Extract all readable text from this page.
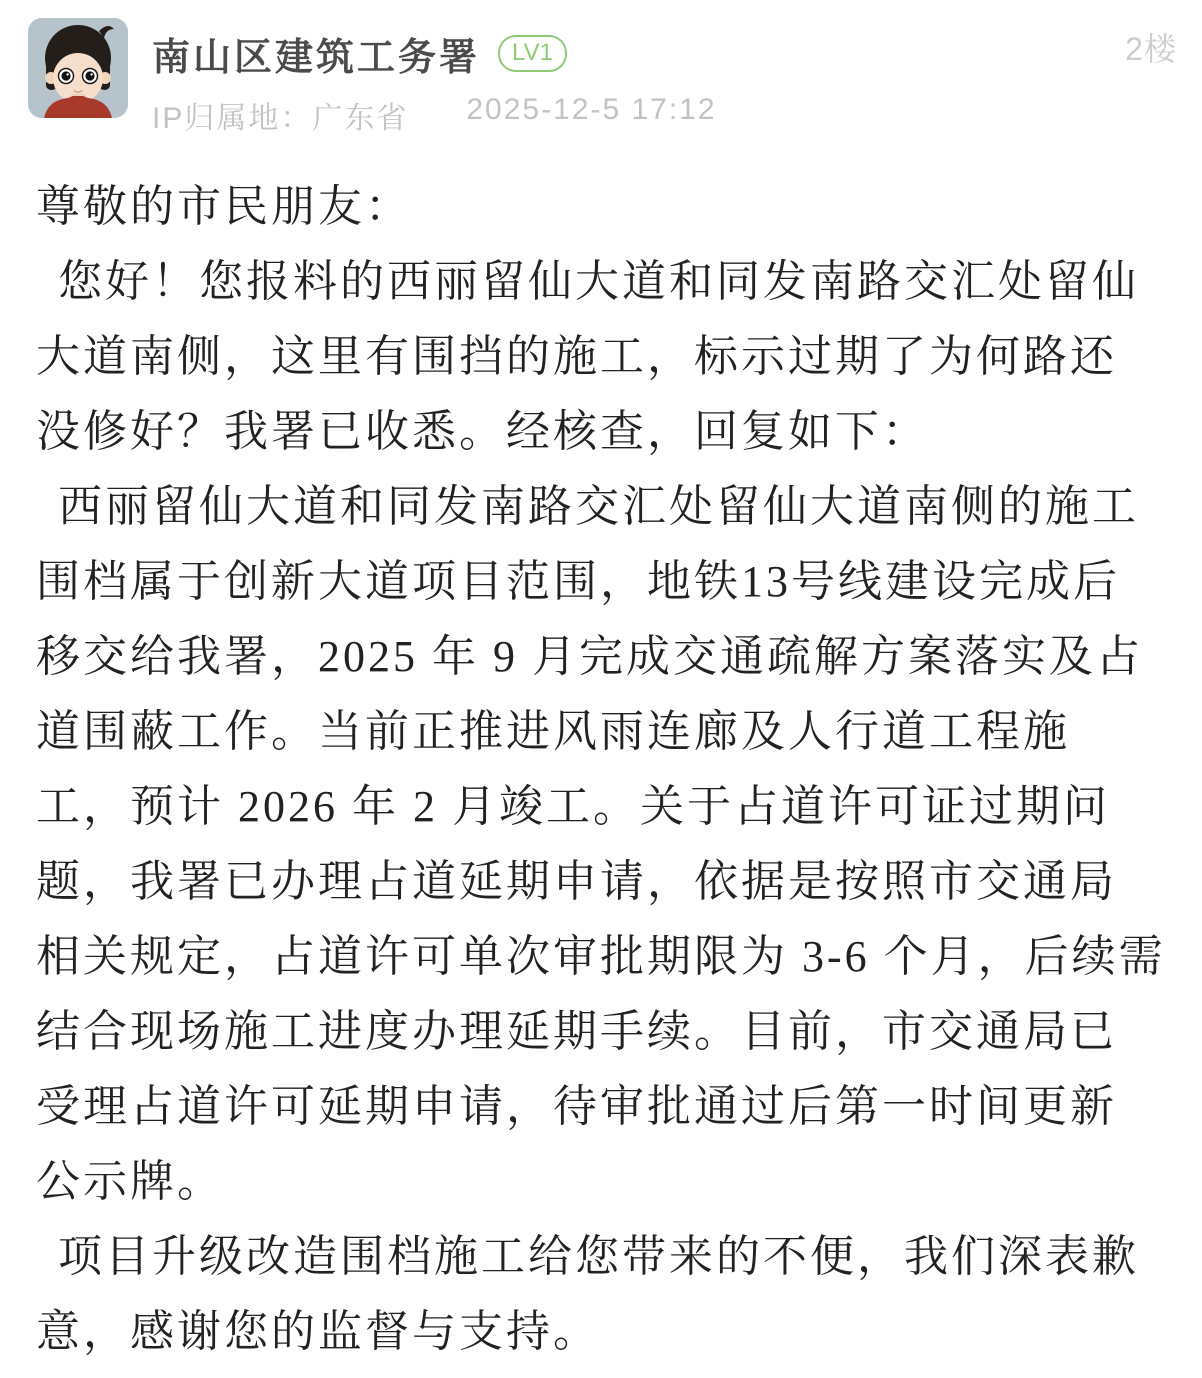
2楼
南山区建筑工务署	LV1
IP归属地：广东省 2025-12-5 17:12
尊敬的市民朋友：
您好！您报料的西丽留仙大道和同发南路交汇处留仙
大道南侧，这里有围挡的施工，标示过期了为何路还
没修好？我署已收悉。经核查，回复如下：
西丽留仙大道和同发南路交汇处留仙大道南侧的施工
围档属于创新大道项目范围，地铁13号线建设完成后
移交给我署，2025 年 9 月完成交通疏解方案落实及占
道围蔽工作。当前正推进风雨连廊及人行道工程施
工，预计 2026 年 2 月竣工。关于占道许可证过期问
题，我署已办理占道延期申请，依据是按照市交通局
相关规定，占道许可单次审批期限为 3-6 个月，后续需
结合现场施工进度办理延期手续。目前，市交通局已
受理占道许可延期申请，待审批通过后第一时间更新
公示牌。
项目升级改造围档施工给您带来的不便，我们深表歉
意，感谢您的监督与支持。
